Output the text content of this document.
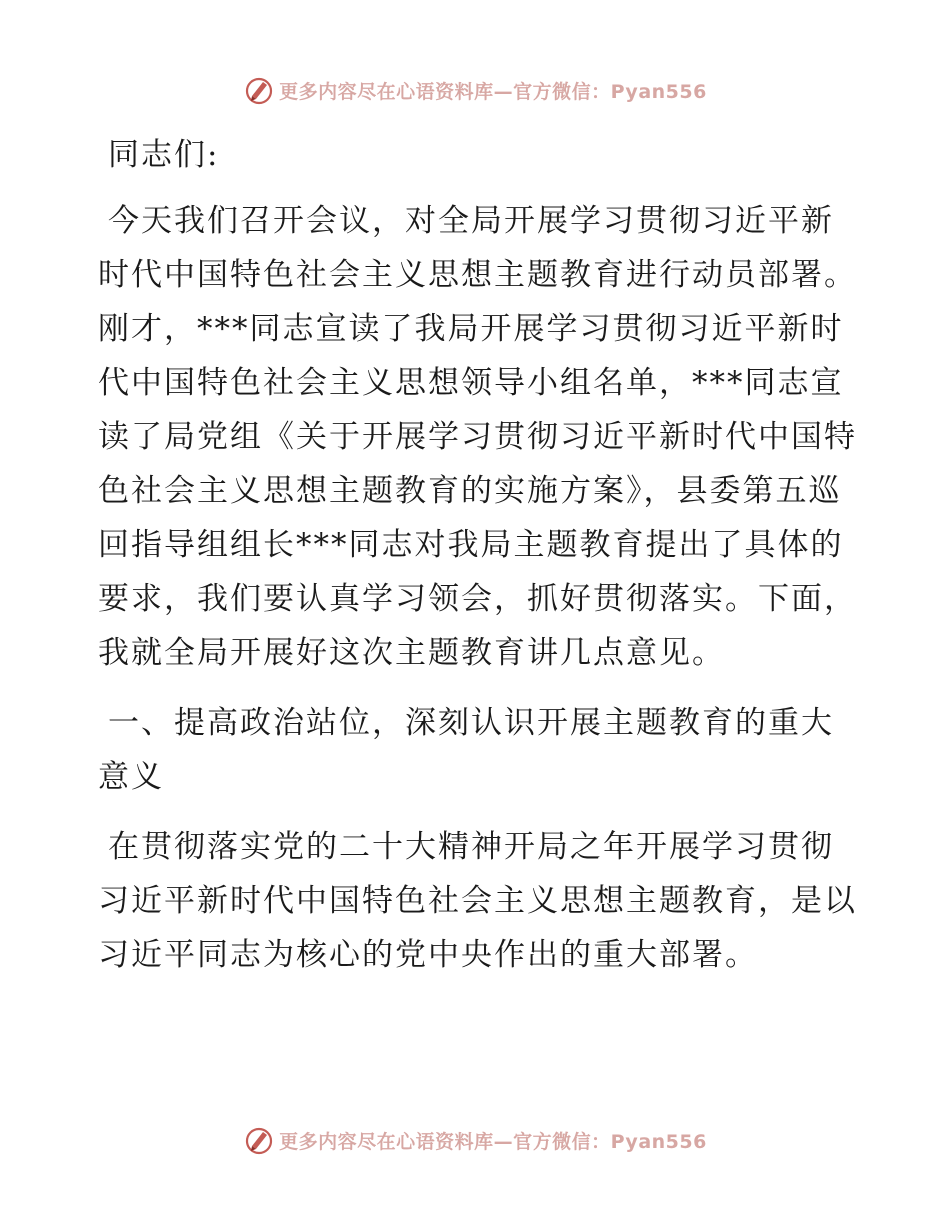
更多内容尽在心语资料库—官方微信：Pyan556

同志们:

今天我们召开会议，对全局开展学习贯彻习近平新时代中国特色社会主义思想主题教育进行动员部署。刚才，***同志宣读了我局开展学习贯彻习近平新时代中国特色社会主义思想领导小组名单，***同志宣读了局党组《关于开展学习贯彻习近平新时代中国特色社会主义思想主题教育的实施方案》，县委第五巡回指导组组长***同志对我局主题教育提出了具体的要求，我们要认真学习领会，抓好贯彻落实。下面，我就全局开展好这次主题教育讲几点意见。

一、提高政治站位，深刻认识开展主题教育的重大意义

在贯彻落实党的二十大精神开局之年开展学习贯彻习近平新时代中国特色社会主义思想主题教育，是以习近平同志为核心的党中央作出的重大部署。

更多内容尽在心语资料库—官方微信：Pyan556
